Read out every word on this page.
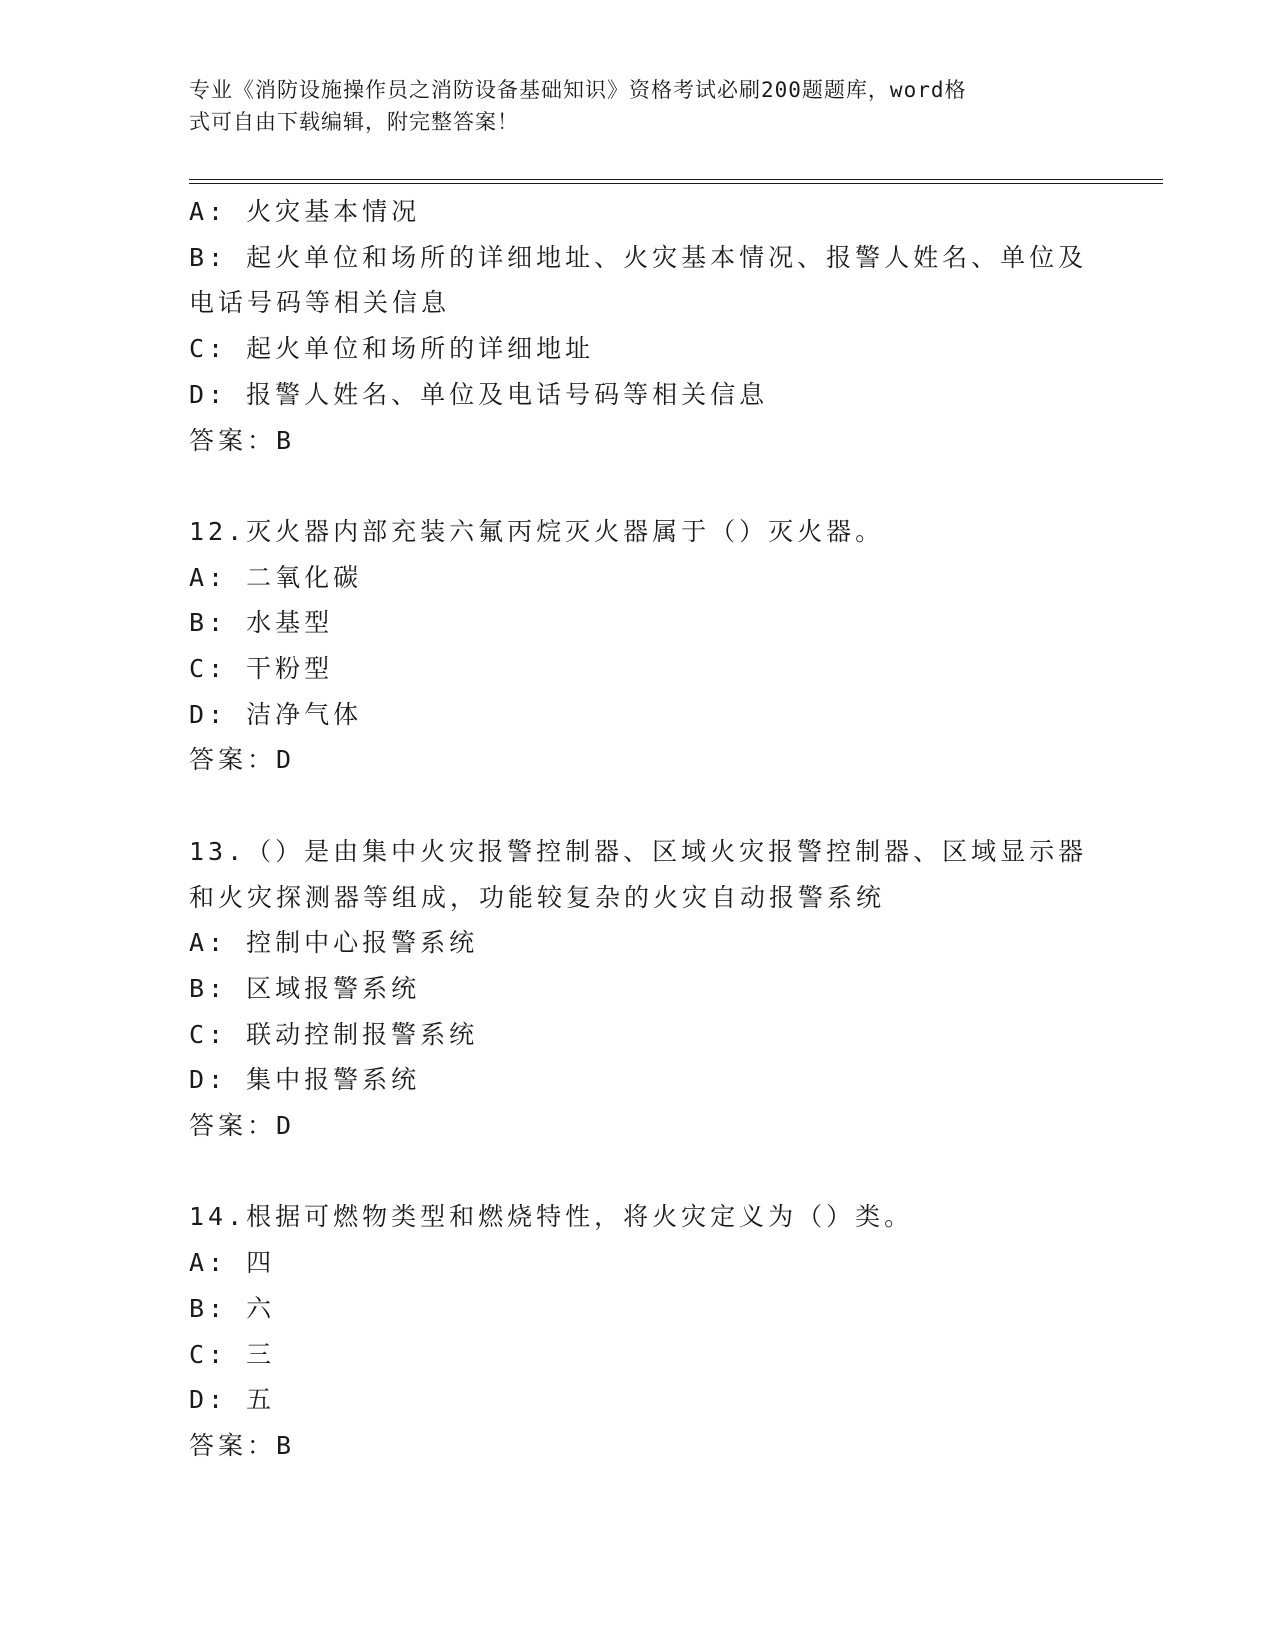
专业《消防设施操作员之消防设备基础知识》资格考试必刷200题题库，word格
式可自由下载编辑，附完整答案！
A: 火灾基本情况
B: 起火单位和场所的详细地址、火灾基本情况、报警人姓名、单位及
电话号码等相关信息
C: 起火单位和场所的详细地址
D: 报警人姓名、单位及电话号码等相关信息
答案：B
12.灭火器内部充装六氟丙烷灭火器属于（）灭火器。
A: 二氧化碳
B: 水基型
C: 干粉型
D: 洁净气体
答案：D
13.（）是由集中火灾报警控制器、区域火灾报警控制器、区域显示器
和火灾探测器等组成，功能较复杂的火灾自动报警系统
A: 控制中心报警系统
B: 区域报警系统
C: 联动控制报警系统
D: 集中报警系统
答案：D
14.根据可燃物类型和燃烧特性，将火灾定义为（）类。
A: 四
B: 六
C: 三
D: 五
答案：B
